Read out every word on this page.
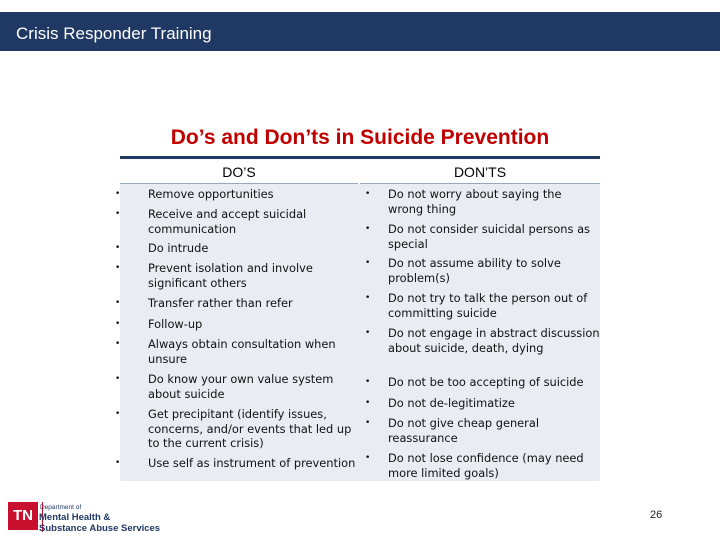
Crisis Responder Training
Do’s and Don’ts in Suicide Prevention
DO’S
• Remove opportunities
• Receive and accept suicidal communication
• Do intrude
• Prevent isolation and involve significant others
• Transfer rather than refer
• Follow-up
• Always obtain consultation when unsure
• Do know your own value system about suicide
• Get precipitant (identify issues, concerns, and/or events that led up to the current crisis)
• Use self as instrument of prevention
DON’TS
• Do not worry about saying the wrong thing
• Do not consider suicidal persons as special
• Do not assume ability to solve problem(s)
• Do not try to talk the person out of committing suicide
• Do not engage in abstract discussion about suicide, death, dying
• Do not be too accepting of suicide
• Do not de-legitimatize
• Do not give cheap general reassurance
• Do not lose confidence (may need more limited goals)
TN	Department of
Mental Health &
Substance Abuse Services
26
